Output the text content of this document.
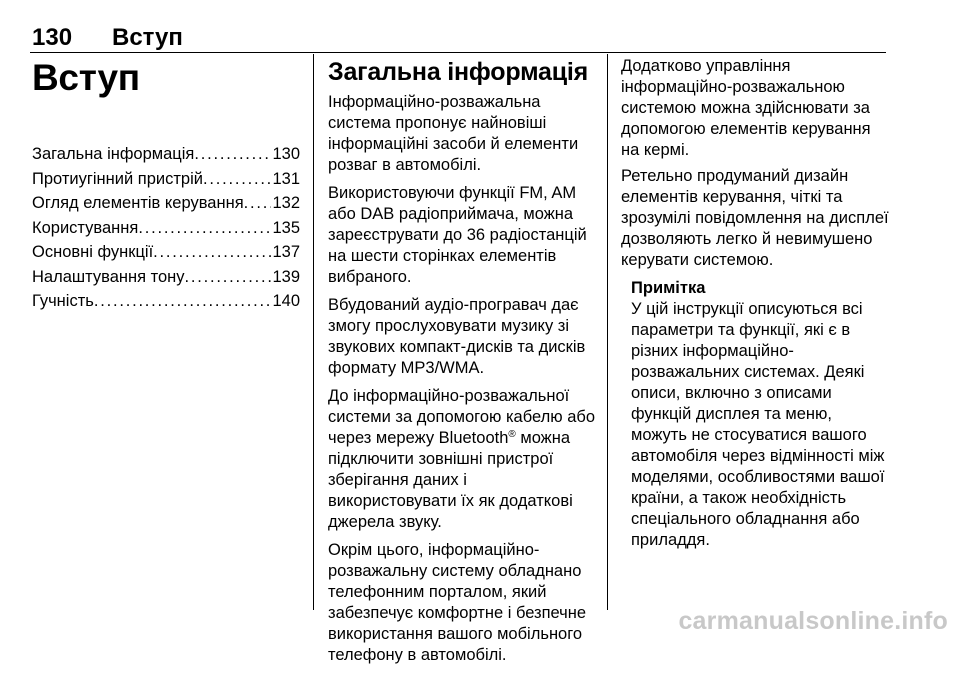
130 Вступ
Вступ
Загальна інформація . . .	130
Протиугінний пристрій . . .	131
Огляд елементів керування . . . 132
Користування . . .	135
Основні функції . . .	137
Налаштування тону . . .	139
Гучність . . .	140
Загальна інформація

Інформаційно-розважальна система пропонує найновіші інформаційні засоби й елементи розваг в автомобілі.

Використовуючи функції FM, AM або DAB радіоприймача, можна зареєструвати до 36 радіостанцій на шести сторінках елементів вибраного.

Вбудований аудіо-програвач дає змогу прослуховувати музику зі звукових компакт-дисків та дисків формату MP3/WMA.

До інформаційно-розважальної системи за допомогою кабелю або через мережу Bluetooth® можна підключити зовнішні пристрої зберігання даних і використовувати їх як додаткові джерела звуку.

Окрім цього, інформаційно-розважальну систему обладнано телефонним порталом, який забезпечує комфортне і безпечне використання вашого мобільного телефону в автомобілі.

Додатково управління інформаційно-розважальною системою можна здійснювати за допомогою елементів керування на кермі.

Ретельно продуманий дизайн елементів керування, чіткі та зрозумілі повідомлення на дисплеї дозволяють легко й невимушено керувати системою.

Примітка
У цій інструкції описуються всі параметри та функції, які є в різних інформаційно-розважальних системах. Деякі описи, включно з описами функцій дисплея та меню, можуть не стосуватися вашого автомобіля через відмінності між моделями, особливостями вашої країни, а також необхідність спеціального обладнання або приладдя.
carmanualsonline.info
